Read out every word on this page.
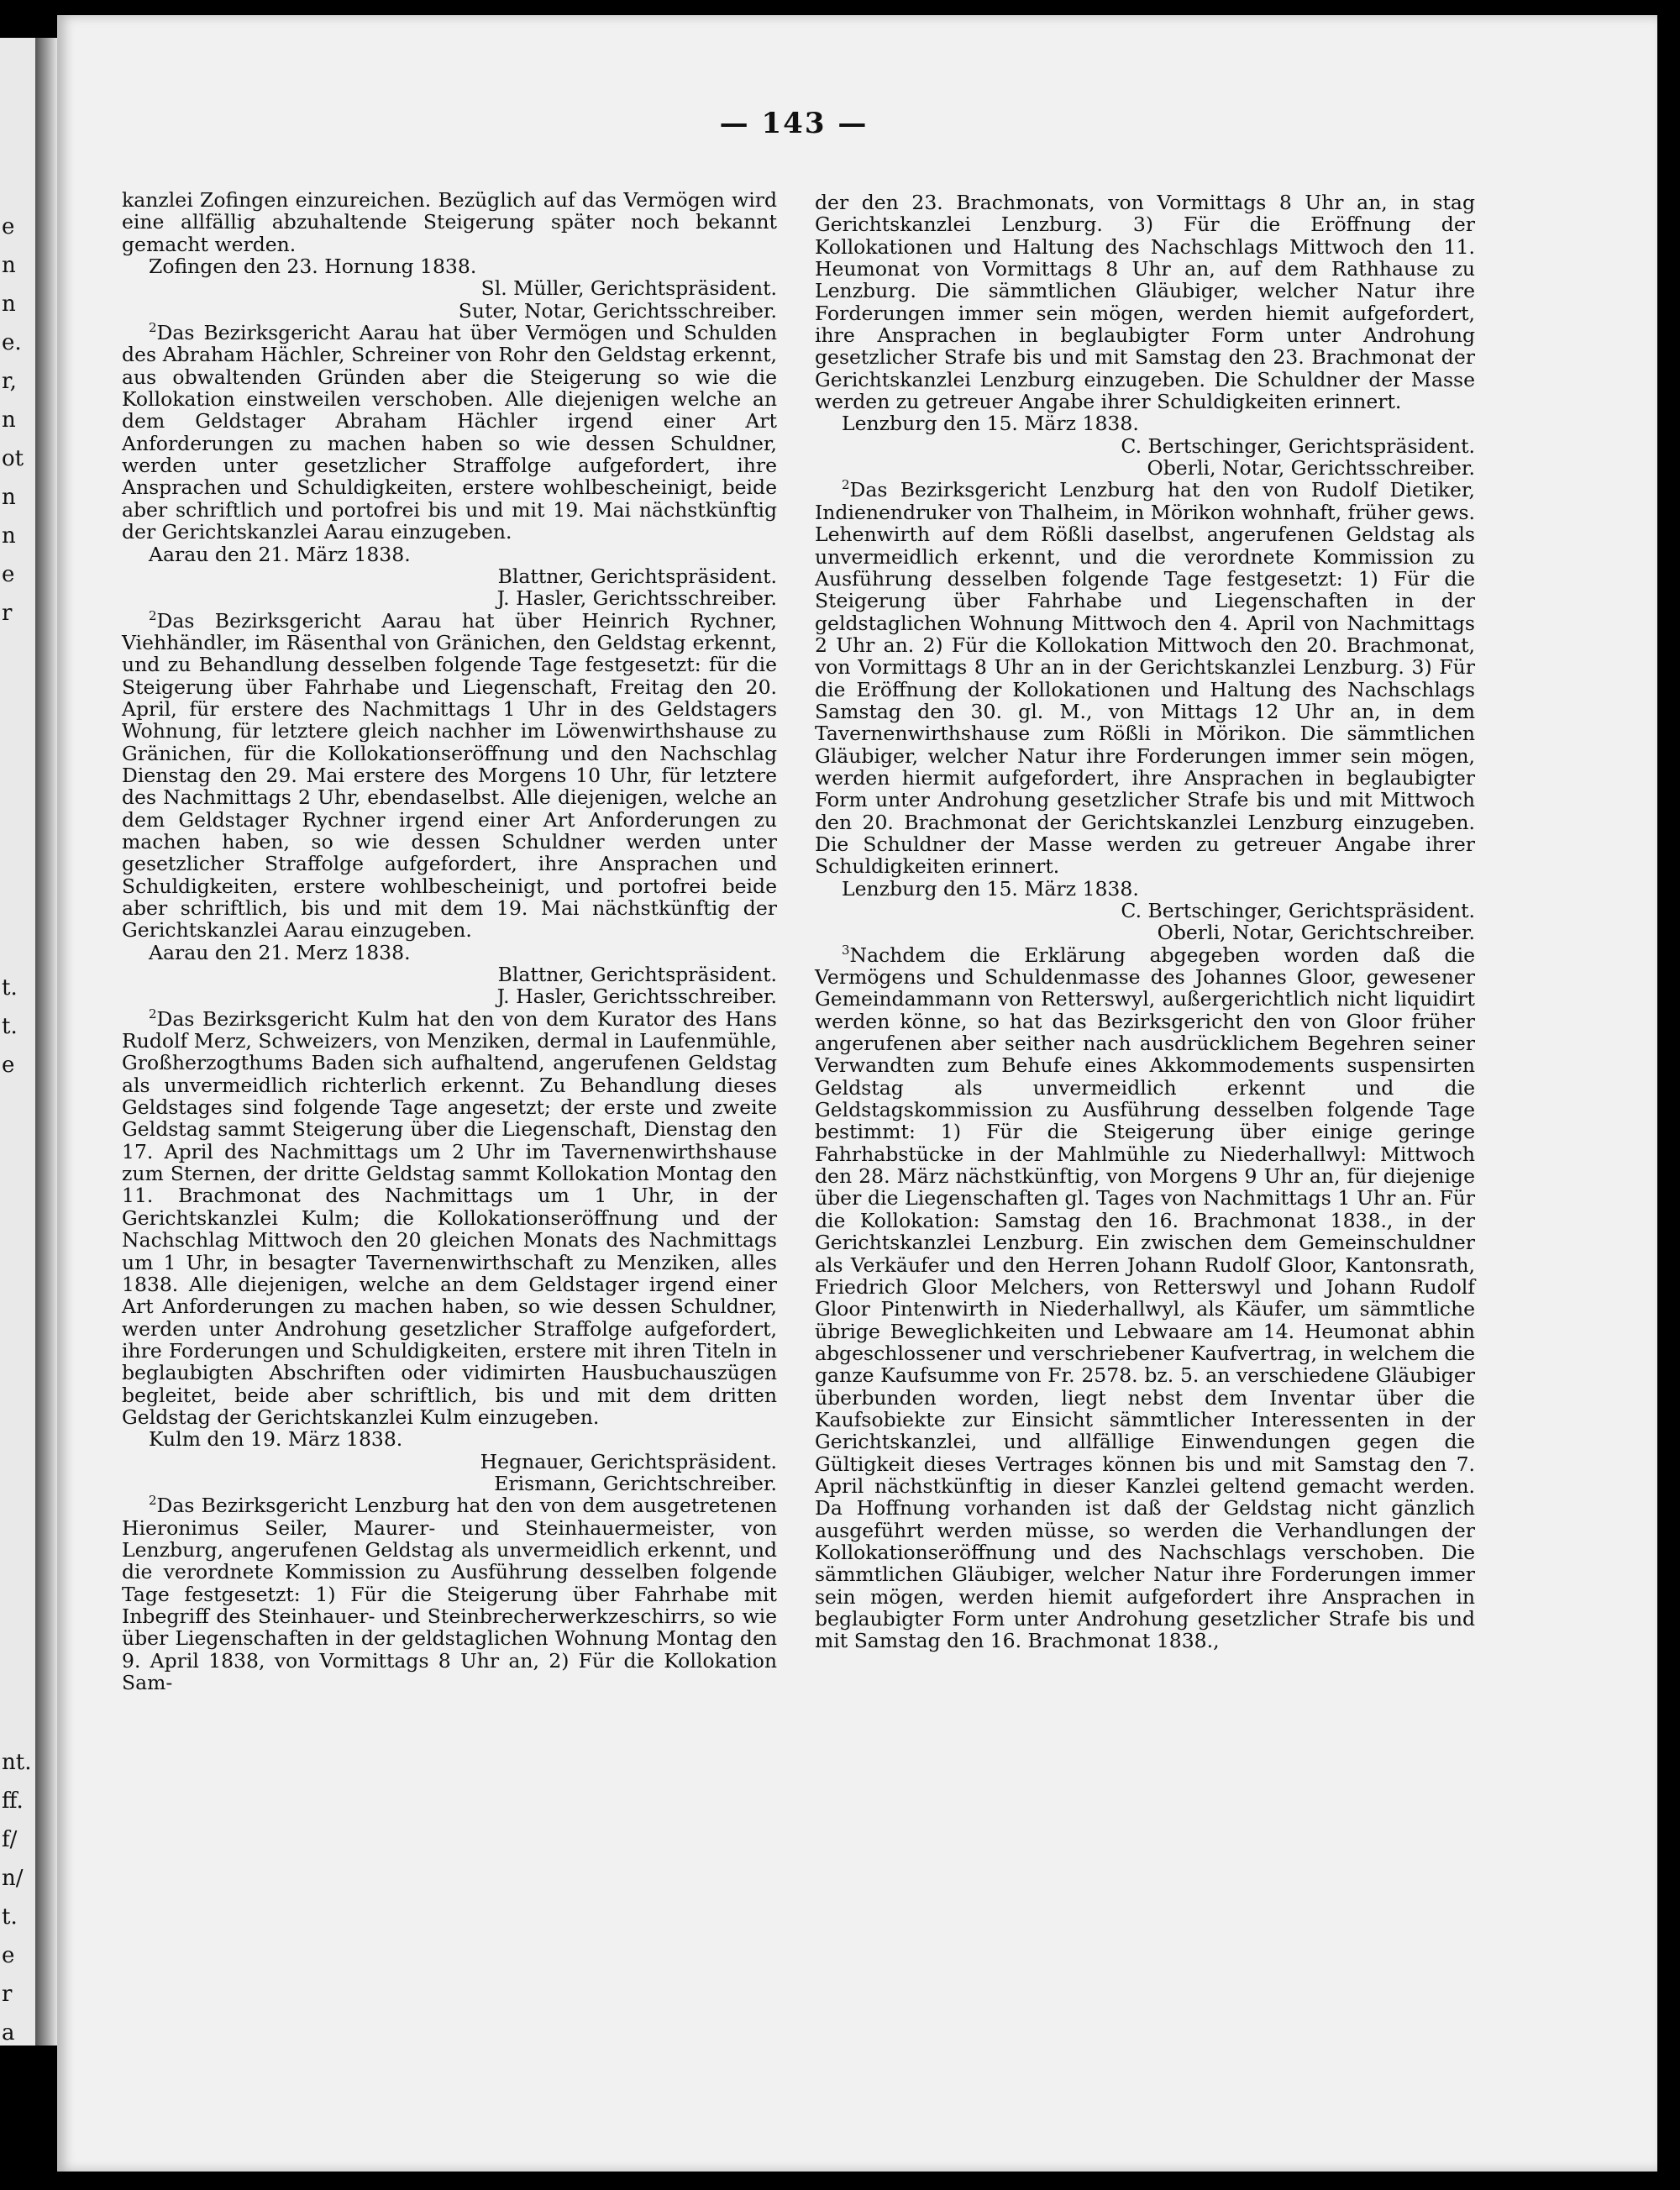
e
n
n
e.
r,
n
ot
n
n
e
r
t.
t.
e
nt.
ff.
f/
n/
t.
e
r
a
— 143 —

kanzlei Zofingen einzureichen. Bezüglich auf das Vermögen wird eine allfällig abzuhaltende Steigerung später noch bekannt gemacht werden.

Zofingen den 23. Hornung 1838.

Sl. Müller, Gerichtspräsident.

Suter, Notar, Gerichtsschreiber.

$^2$Das Bezirksgericht Aarau hat über Vermögen und Schulden des Abraham Hächler, Schreiner von Rohr den Geldstag erkennt, aus obwaltenden Gründen aber die Steigerung so wie die Kollokation einstweilen verschoben. Alle diejenigen welche an dem Geldstager Abraham Hächler irgend einer Art Anforderungen zu machen haben so wie dessen Schuldner, werden unter gesetzlicher Straffolge aufgefordert, ihre Ansprachen und Schuldigkeiten, erstere wohlbescheinigt, beide aber schriftlich und portofrei bis und mit 19. Mai nächstkünftig der Gerichtskanzlei Aarau einzugeben.

Aarau den 21. März 1838.

Blattner, Gerichtspräsident.

J. Hasler, Gerichtsschreiber.

$^2$Das Bezirksgericht Aarau hat über Heinrich Rychner, Viehhändler, im Räsenthal von Gränichen, den Geldstag erkennt, und zu Behandlung desselben folgende Tage festgesetzt: für die Steigerung über Fahrhabe und Liegenschaft, Freitag den 20. April, für erstere des Nachmittags 1 Uhr in des Geldstagers Wohnung, für letztere gleich nachher im Löwenwirthshause zu Gränichen, für die Kollokationseröffnung und den Nachschlag Dienstag den 29. Mai erstere des Morgens 10 Uhr, für letztere des Nachmittags 2 Uhr, ebendaselbst. Alle diejenigen, welche an dem Geldstager Rychner irgend einer Art Anforderungen zu machen haben, so wie dessen Schuldner werden unter gesetzlicher Straffolge aufgefordert, ihre Ansprachen und Schuldigkeiten, erstere wohlbescheinigt, und portofrei beide aber schriftlich, bis und mit dem 19. Mai nächstkünftig der Gerichtskanzlei Aarau einzugeben.

Aarau den 21. Merz 1838.

Blattner, Gerichtspräsident.

J. Hasler, Gerichtsschreiber.

$^2$Das Bezirksgericht Kulm hat den von dem Kurator des Hans Rudolf Merz, Schweizers, von Menziken, dermal in Laufenmühle, Großherzogthums Baden sich aufhaltend, angerufenen Geldstag als unvermeidlich richterlich erkennt. Zu Behandlung dieses Geldstages sind folgende Tage angesetzt; der erste und zweite Geldstag sammt Steigerung über die Liegenschaft, Dienstag den 17. April des Nachmittags um 2 Uhr im Tavernenwirthshause zum Sternen, der dritte Geldstag sammt Kollokation Montag den 11. Brachmonat des Nachmittags um 1 Uhr, in der Gerichtskanzlei Kulm; die Kollokationseröffnung und der Nachschlag Mittwoch den 20 gleichen Monats des Nachmittags um 1 Uhr, in besagter Tavernenwirthschaft zu Menziken, alles 1838. Alle diejenigen, welche an dem Geldstager irgend einer Art Anforderungen zu machen haben, so wie dessen Schuldner, werden unter Androhung gesetzlicher Straffolge aufgefordert, ihre Forderungen und Schuldigkeiten, erstere mit ihren Titeln in beglaubigten Abschriften oder vidimirten Hausbuchauszügen begleitet, beide aber schriftlich, bis und mit dem dritten Geldstag der Gerichtskanzlei Kulm einzugeben.

Kulm den 19. März 1838.

Hegnauer, Gerichtspräsident.

Erismann, Gerichtschreiber.

$^2$Das Bezirksgericht Lenzburg hat den von dem ausgetretenen Hieronimus Seiler, Maurer- und Steinhauermeister, von Lenzburg, angerufenen Geldstag als unvermeidlich erkennt, und die verordnete Kommission zu Ausführung desselben folgende Tage festgesetzt: 1) Für die Steigerung über Fahrhabe mit Inbegriff des Steinhauer- und Steinbrecherwerkzeschirrs, so wie über Liegenschaften in der geldstaglichen Wohnung Montag den 9. April 1838, von Vormittags 8 Uhr an, 2) Für die Kollokation Sam-

der den 23. Brachmonats, von Vormittags 8 Uhr an, in stag Gerichtskanzlei Lenzburg. 3) Für die Eröffnung der Kollokationen und Haltung des Nachschlags Mittwoch den 11. Heumonat von Vormittags 8 Uhr an, auf dem Rathhause zu Lenzburg. Die sämmtlichen Gläubiger, welcher Natur ihre Forderungen immer sein mögen, werden hiemit aufgefordert, ihre Ansprachen in beglaubigter Form unter Androhung gesetzlicher Strafe bis und mit Samstag den 23. Brachmonat der Gerichtskanzlei Lenzburg einzugeben. Die Schuldner der Masse werden zu getreuer Angabe ihrer Schuldigkeiten erinnert.

Lenzburg den 15. März 1838.

C. Bertschinger, Gerichtspräsident.

Oberli, Notar, Gerichtsschreiber.

$^2$Das Bezirksgericht Lenzburg hat den von Rudolf Dietiker, Indienendruker von Thalheim, in Mörikon wohnhaft, früher gews. Lehenwirth auf dem Rößli daselbst, angerufenen Geldstag als unvermeidlich erkennt, und die verordnete Kommission zu Ausführung desselben folgende Tage festgesetzt: 1) Für die Steigerung über Fahrhabe und Liegenschaften in der geldstaglichen Wohnung Mittwoch den 4. April von Nachmittags 2 Uhr an. 2) Für die Kollokation Mittwoch den 20. Brachmonat, von Vormittags 8 Uhr an in der Gerichtskanzlei Lenzburg. 3) Für die Eröffnung der Kollokationen und Haltung des Nachschlags Samstag den 30. gl. M., von Mittags 12 Uhr an, in dem Tavernenwirthshause zum Rößli in Mörikon. Die sämmtlichen Gläubiger, welcher Natur ihre Forderungen immer sein mögen, werden hiermit aufgefordert, ihre Ansprachen in beglaubigter Form unter Androhung gesetzlicher Strafe bis und mit Mittwoch den 20. Brachmonat der Gerichtskanzlei Lenzburg einzugeben. Die Schuldner der Masse werden zu getreuer Angabe ihrer Schuldigkeiten erinnert.

Lenzburg den 15. März 1838.

C. Bertschinger, Gerichtspräsident.

Oberli, Notar, Gerichtschreiber.

$^3$Nachdem die Erklärung abgegeben worden daß die Vermögens und Schuldenmasse des Johannes Gloor, gewesener Gemeindammann von Retterswyl, außergerichtlich nicht liquidirt werden könne, so hat das Bezirksgericht den von Gloor früher angerufenen aber seither nach ausdrücklichem Begehren seiner Verwandten zum Behufe eines Akkommodements suspensirten Geldstag als unvermeidlich erkennt und die Geldstagskommission zu Ausführung desselben folgende Tage bestimmt: 1) Für die Steigerung über einige geringe Fahrhabstücke in der Mahlmühle zu Niederhallwyl: Mittwoch den 28. März nächstkünftig, von Morgens 9 Uhr an, für diejenige über die Liegenschaften gl. Tages von Nachmittags 1 Uhr an. Für die Kollokation: Samstag den 16. Brachmonat 1838., in der Gerichtskanzlei Lenzburg. Ein zwischen dem Gemeinschuldner als Verkäufer und den Herren Johann Rudolf Gloor, Kantonsrath, Friedrich Gloor Melchers, von Retterswyl und Johann Rudolf Gloor Pintenwirth in Niederhallwyl, als Käufer, um sämmtliche übrige Beweglichkeiten und Lebwaare am 14. Heumonat abhin abgeschlossener und verschriebener Kaufvertrag, in welchem die ganze Kaufsumme von Fr. 2578. bz. 5. an verschiedene Gläubiger überbunden worden, liegt nebst dem Inventar über die Kaufsobiekte zur Einsicht sämmtlicher Interessenten in der Gerichtskanzlei, und allfällige Einwendungen gegen die Gültigkeit dieses Vertrages können bis und mit Samstag den 7. April nächstkünftig in dieser Kanzlei geltend gemacht werden. Da Hoffnung vorhanden ist daß der Geldstag nicht gänzlich ausgeführt werden müsse, so werden die Verhandlungen der Kollokationseröffnung und des Nachschlags verschoben. Die sämmtlichen Gläubiger, welcher Natur ihre Forderungen immer sein mögen, werden hiemit aufgefordert ihre Ansprachen in beglaubigter Form unter Androhung gesetzlicher Strafe bis und mit Samstag den 16. Brachmonat 1838.,
